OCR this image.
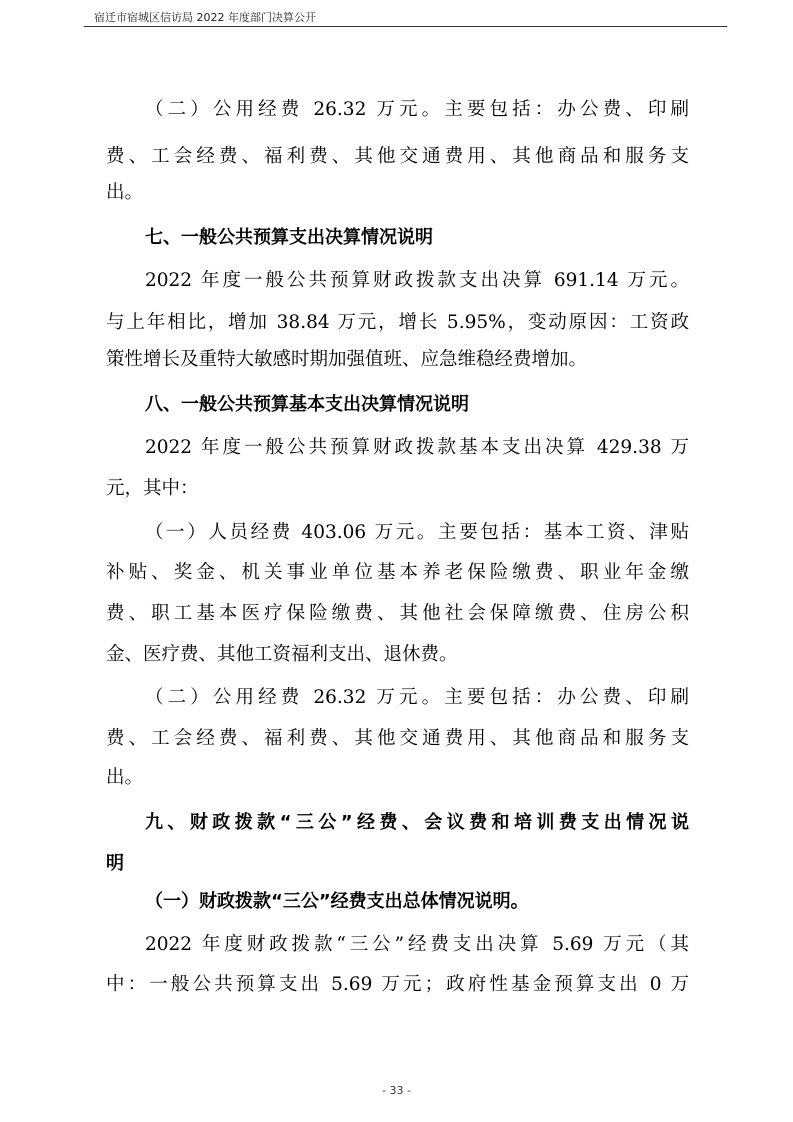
宿迁市宿城区信访局 2022 年度部门决算公开
（二）公用经费 26.32 万元。主要包括：办公费、印刷
费、工会经费、福利费、其他交通费用、其他商品和服务支
出。
七、一般公共预算支出决算情况说明
2022 年度一般公共预算财政拨款支出决算 691.14 万元。
与上年相比，增加 38.84 万元，增长 5.95%，变动原因：工资政
策性增长及重特大敏感时期加强值班、应急维稳经费增加。
八、一般公共预算基本支出决算情况说明
2022 年度一般公共预算财政拨款基本支出决算 429.38 万
元，其中：
（一）人员经费 403.06 万元。主要包括：基本工资、津贴
补贴、奖金、机关事业单位基本养老保险缴费、职业年金缴
费、职工基本医疗保险缴费、其他社会保障缴费、住房公积
金、医疗费、其他工资福利支出、退休费。
（二）公用经费 26.32 万元。主要包括：办公费、印刷
费、工会经费、福利费、其他交通费用、其他商品和服务支
出。
九、财政拨款“三公”经费、会议费和培训费支出情况说
明
（一）财政拨款“三公”经费支出总体情况说明。
2022 年度财政拨款“三公”经费支出决算 5.69 万元（其
中：一般公共预算支出 5.69 万元；政府性基金预算支出 0 万
- 33 -
